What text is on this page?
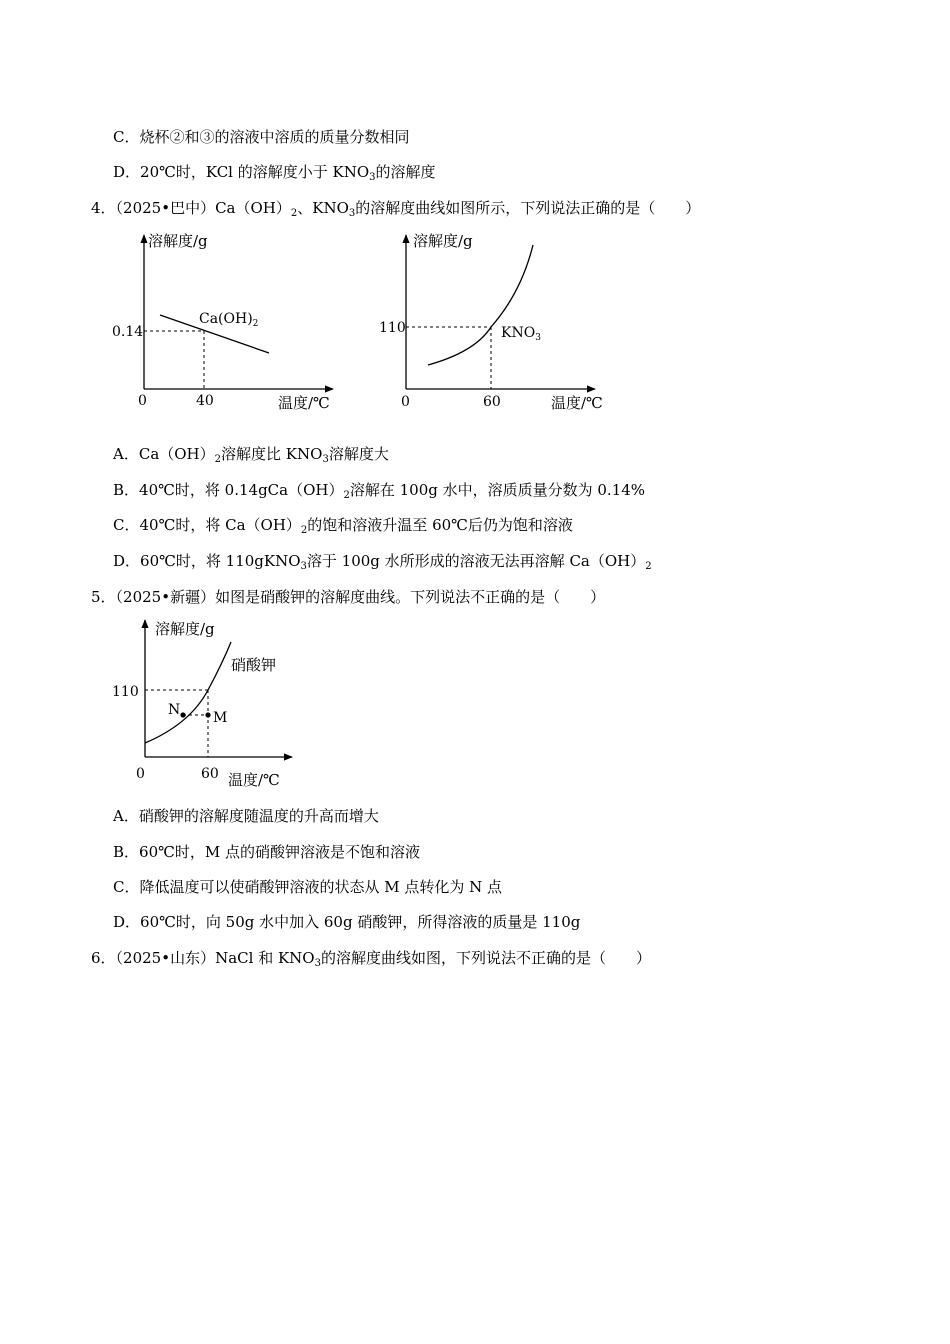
C．烧杯②和③的溶液中溶质的质量分数相同
D．20℃时，KCl 的溶解度小于 $KNO_3$的溶解度
4．（2025•巴中）$Ca(OH)_2$、$KNO_3$的溶解度曲线如图所示，下列说法正确的是（　　）
溶解度/g
0.14
0	40	温度/℃
$Ca(OH)_2$
溶解度/g
110
0	60	温度/℃
$KNO_3$
A．$Ca(OH)_2$溶解度比 $KNO_3$溶解度大
B．40℃时，将 $0.14gCa(OH)_2$溶解在 100g 水中，溶质质量分数为 0.14%
C．40℃时，将 $Ca(OH)_2$的饱和溶液升温至 60℃后仍为饱和溶液
D．60℃时，将 110gKNO$_3$溶于 100g 水所形成的溶液无法再溶解 $Ca(OH)_2$
5．（2025•新疆）如图是硝酸钾的溶解度曲线。下列说法不正确的是（　　）
N M
溶解度/g
110
0	60 温度/℃
硝酸钾
A．硝酸钾的溶解度随温度的升高而增大
B．60℃时，M 点的硝酸钾溶液是不饱和溶液
C．降低温度可以使硝酸钾溶液的状态从 M 点转化为 N 点
D．60℃时，向 50g 水中加入 60g 硝酸钾，所得溶液的质量是 110g
6．（2025•山东）NaCl 和 $KNO_3$的溶解度曲线如图，下列说法不正确的是（　　）
